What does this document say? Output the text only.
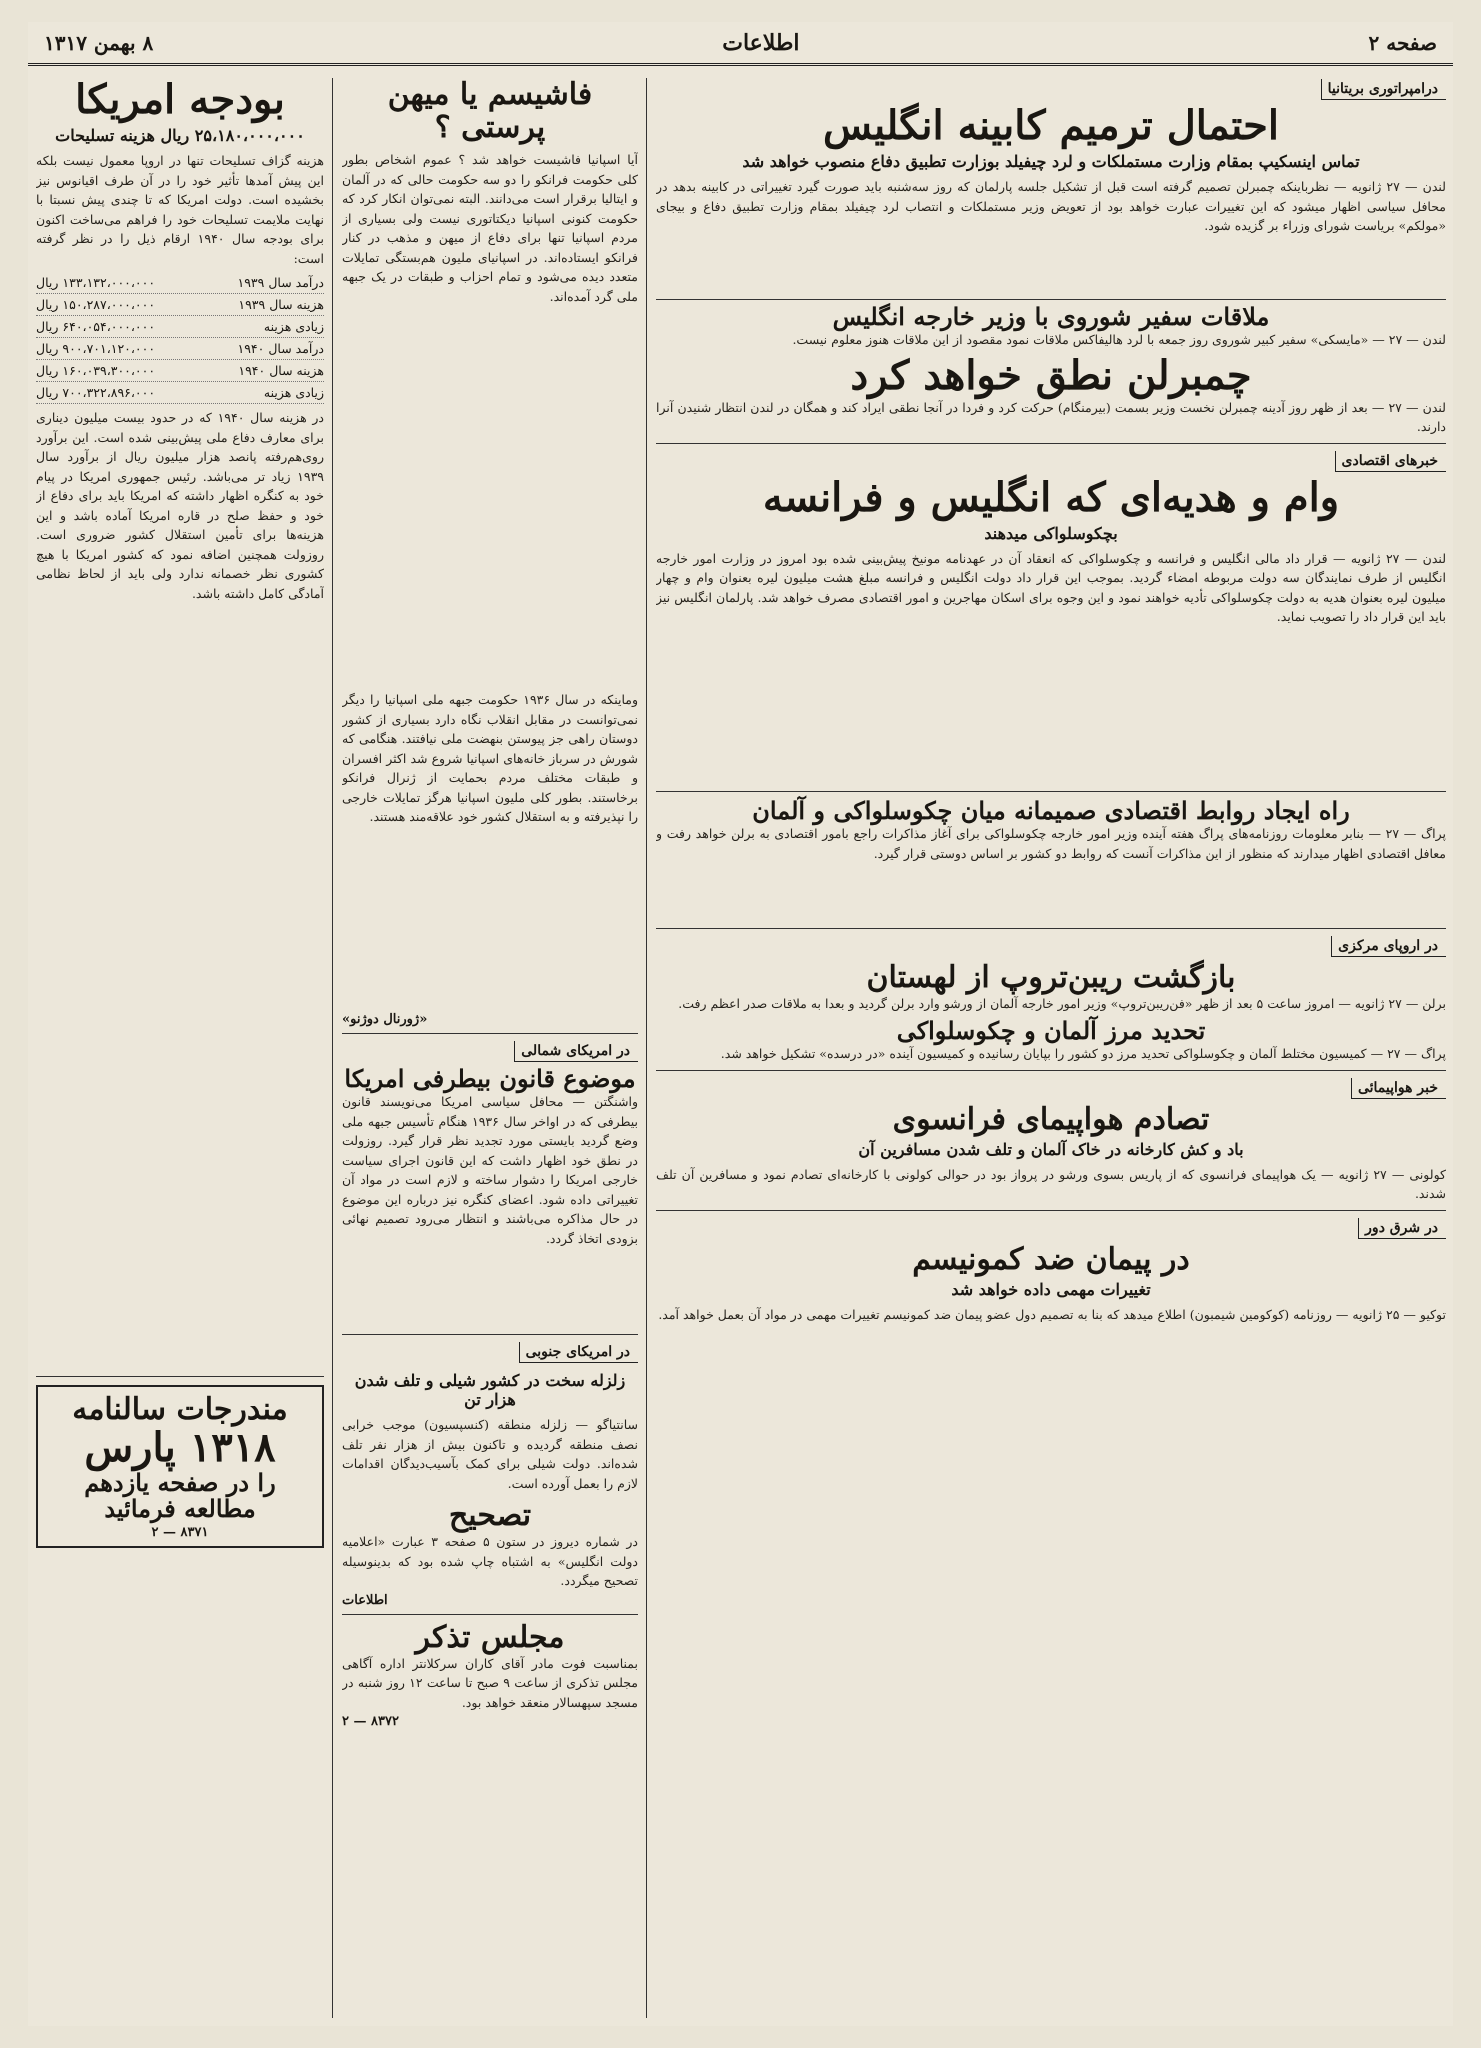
صفحه ۲
اطلاعات
۸ بهمن ۱۳۱۷
درامپراتوری بریتانیا
احتمال ترمیم کابینه انگلیس
تماس اینسکیپ بمقام وزارت مستملکات و لرد چیفیلد بوزارت تطبیق دفاع منصوب خواهد شد
لندن — ۲۷ ژانویه — نظرباینکه چمبرلن تصمیم گرفته است قبل از تشکیل جلسه پارلمان که روز سه‌شنبه باید صورت گیرد تغییراتی در کابینه بدهد در محافل سیاسی اظهار میشود که این تغییرات عبارت خواهد بود از تعویض وزیر مستملکات و انتصاب لرد چیفیلد بمقام وزارت تطبیق دفاع و بیجای «مولکم» بریاست شورای وزراء بر گزیده شود.
ملاقات سفیر شوروی با وزیر خارجه انگلیس
لندن — ۲۷ — «مایسکی» سفیر کبیر شوروی روز جمعه با لرد هالیفاکس ملاقات نمود مقصود از این ملاقات هنوز معلوم نیست.
چمبرلن نطق خواهد کرد
لندن — ۲۷ — بعد از ظهر روز آدینه چمبرلن نخست وزیر بسمت (بیرمنگام) حرکت کرد و فردا در آنجا نطقی ایراد کند و همگان در لندن انتظار شنیدن آنرا دارند.
خبرهای اقتصادی
وام و هدیه‌ای که انگلیس و فرانسه
بچکوسلواکی میدهند
لندن — ۲۷ ژانویه — قرار داد مالی انگلیس و فرانسه و چکوسلواکی که انعقاد آن در عهدنامه مونیخ پیش‌بینی شده بود امروز در وزارت امور خارجه انگلیس از طرف نمایندگان سه دولت مربوطه امضاء گردید. بموجب این قرار داد دولت انگلیس و فرانسه مبلغ هشت میلیون لیره بعنوان وام و چهار میلیون لیره بعنوان هدیه به دولت چکوسلواکی تأدیه خواهند نمود و این وجوه برای اسکان مهاجرین و امور اقتصادی مصرف خواهد شد. پارلمان انگلیس نیز باید این قرار داد را تصویب نماید.
راه ایجاد روابط اقتصادی صمیمانه میان چکوسلواکی و آلمان
پراگ — ۲۷ — بنابر معلومات روزنامه‌های پراگ هفته آینده وزیر امور خارجه چکوسلواکی برای آغاز مذاکرات راجع بامور اقتصادی به برلن خواهد رفت و معافل اقتصادی اظهار میدارند که منظور از این مذاکرات آنست که روابط دو کشور بر اساس دوستی قرار گیرد.
در اروپای مرکزی
بازگشت ریبن‌تروپ از لهستان
برلن — ۲۷ ژانویه — امروز ساعت ۵ بعد از ظهر «فن‌ریبن‌تروپ» وزیر امور خارجه آلمان از ورشو وارد برلن گردید و بعدا به ملاقات صدر اعظم رفت.
تحدید مرز آلمان و چکوسلواکی
پراگ — ۲۷ — کمیسیون مختلط آلمان و چکوسلواکی تحدید مرز دو کشور را بپایان رسانیده و کمیسیون آینده «در درسده» تشکیل خواهد شد.
خبر هواپیمائی
تصادم هواپیمای فرانسوی
باد و کش کارخانه در خاک آلمان و تلف شدن مسافرین آن
کولونی — ۲۷ ژانویه — یک هواپیمای فرانسوی که از پاریس بسوی ورشو در پرواز بود در حوالی کولونی با کارخانه‌ای تصادم نمود و مسافرین آن تلف شدند.
در شرق دور
در پیمان ضد کمونیسم
تغییرات مهمی داده خواهد شد
توکیو — ۲۵ ژانویه — روزنامه (کوکومین شیمبون) اطلاع میدهد که بنا به تصمیم دول عضو پیمان ضد کمونیسم تغییرات مهمی در مواد آن بعمل خواهد آمد.
فاشیسم یا میهن پرستی ؟
آیا اسپانیا فاشیست خواهد شد ؟ عموم اشخاص بطور کلی حکومت فرانکو را دو سه حکومت حالی که در آلمان و ایتالیا برقرار است می‌دانند. البته نمی‌توان انکار کرد که حکومت کنونی اسپانیا دیکتاتوری نیست ولی بسیاری از مردم اسپانیا تنها برای دفاع از میهن و مذهب در کنار فرانکو ایستاده‌اند. در اسپانیای ملیون هم‌بستگی تمایلات متعدد دیده می‌شود و تمام احزاب و طبقات در یک جبهه ملی گرد آمده‌اند.
وماینکه در سال ۱۹۳۶ حکومت جبهه ملی اسپانیا را دیگر نمی‌توانست در مقابل انقلاب نگاه دارد بسیاری از کشور دوستان راهی جز پیوستن بنهضت ملی نیافتند. هنگامی که شورش در سرباز خانه‌های اسپانیا شروع شد اکثر افسران و طبقات مختلف مردم بحمایت از ژنرال فرانکو برخاستند. بطور کلی ملیون اسپانیا هرگز تمایلات خارجی را نپذیرفته و به استقلال کشور خود علاقه‌مند هستند.
«ژورنال دوژنو»
در امریکای شمالی
موضوع قانون بیطرفی امریکا
واشنگتن — محافل سیاسی امریکا می‌نویسند قانون بیطرفی که در اواخر سال ۱۹۳۶ هنگام تأسیس جبهه ملی وضع گردید بایستی مورد تجدید نظر قرار گیرد. روزولت در نطق خود اظهار داشت که این قانون اجرای سیاست خارجی امریکا را دشوار ساخته و لازم است در مواد آن تغییراتی داده شود. اعضای کنگره نیز درباره این موضوع در حال مذاکره می‌باشند و انتظار می‌رود تصمیم نهائی بزودی اتخاذ گردد.
در امریکای جنوبی
زلزله سخت در کشور شیلی و تلف شدن هزار تن
سانتیاگو — زلزله منطقه (کنسپسیون) موجب خرابی نصف منطقه گردیده و تاکنون بیش از هزار نفر تلف شده‌اند. دولت شیلی برای کمک بآسیب‌دیدگان اقدامات لازم را بعمل آورده است.
تصحیح
در شماره دیروز در ستون ۵ صفحه ۳ عبارت «اعلامیه دولت انگلیس» به اشتباه چاپ شده بود که بدینوسیله تصحیح میگردد.
اطلاعات
مجلس تذکر
بمناسبت فوت مادر آقای کاران سرکلانتر اداره آگاهی مجلس تذکری از ساعت ۹ صبح تا ساعت ۱۲ روز شنبه در مسجد سپهسالار منعقد خواهد بود.
۸۳۷۲ — ۲
بودجه امریکا
۲۵،۱۸۰،۰۰۰،۰۰۰ ریال هزینه تسلیحات
هزینه گزاف تسلیحات تنها در اروپا معمول نیست بلکه این پیش آمدها تأثیر خود را در آن طرف اقیانوس نیز بخشیده است. دولت امریکا که تا چندی پیش نسبتا با نهایت ملایمت تسلیحات خود را فراهم می‌ساخت اکنون برای بودجه سال ۱۹۴۰ ارقام ذیل را در نظر گرفته است:
درآمد سال ۱۹۳۹
۱۳۳،۱۳۲،۰۰۰،۰۰۰ ریال
هزینه سال ۱۹۳۹
۱۵۰،۲۸۷،۰۰۰،۰۰۰ ریال
زیادی هزینه
۶۴۰،۰۵۴،۰۰۰،۰۰۰ ریال
درآمد سال ۱۹۴۰
۹۰۰،۷۰۱،۱۲۰،۰۰۰ ریال
هزینه سال ۱۹۴۰
۱۶۰،۰۳۹،۳۰۰،۰۰۰ ریال
زیادی هزینه
۷۰۰،۳۲۲،۸۹۶،۰۰۰ ریال
در هزینه سال ۱۹۴۰ که در حدود بیست میلیون دیناری برای معارف دفاع ملی پیش‌بینی شده است. این برآورد روی‌هم‌رفته پانصد هزار میلیون ریال از برآورد سال ۱۹۳۹ زیاد تر می‌باشد. رئیس جمهوری امریکا در پیام خود به کنگره اظهار داشته که امریکا باید برای دفاع از خود و حفظ صلح در قاره امریکا آماده باشد و این هزینه‌ها برای تأمین استقلال کشور ضروری است. روزولت همچنین اضافه نمود که کشور امریکا با هیچ کشوری نظر خصمانه ندارد ولی باید از لحاظ نظامی آمادگی کامل داشته باشد.
مندرجات سالنامه
۱۳۱۸ پارس
را در صفحه یازدهم
مطالعه فرمائید
۸۳۷۱ — ۲
